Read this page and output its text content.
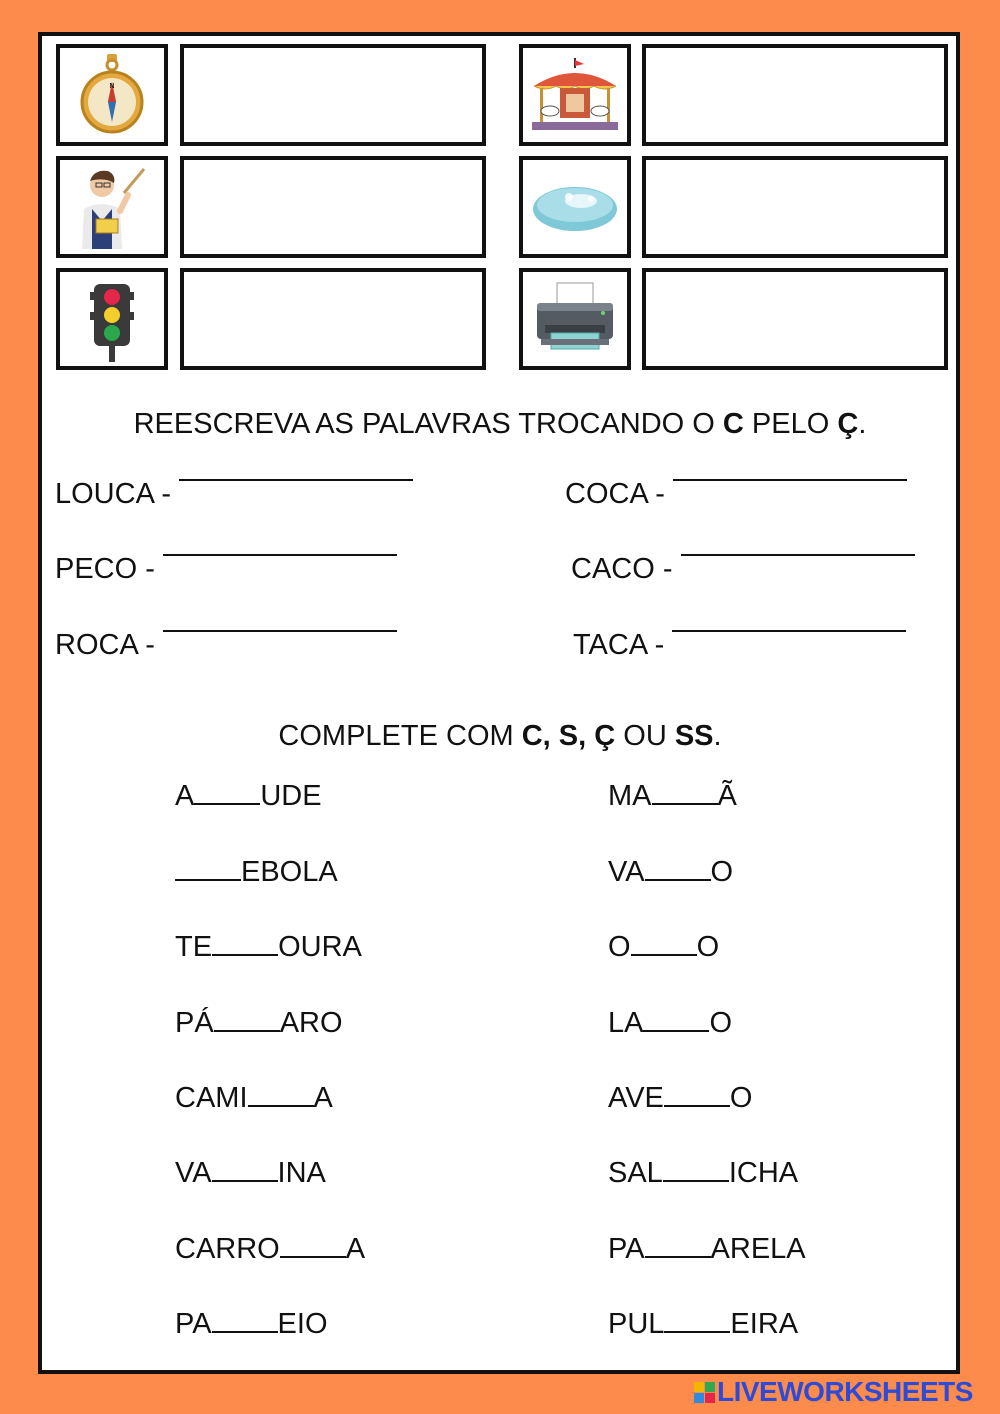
N
REESCREVA AS PALAVRAS TROCANDO O C PELO Ç.
LOUCA -	COCA -
PECO -	CACO -
ROCA -	TACA -
COMPLETE COM C, S, Ç OU SS.
LIVEWORKSHEETS
A UDE
EBOLA
TE OURA
PÁ ARO
CAMI A
VA INA
CARRO A
PA EIO
MA Ã
VA O
O O
LA O
AVE O
SAL ICHA
PA ARELA
PUL EIRA
